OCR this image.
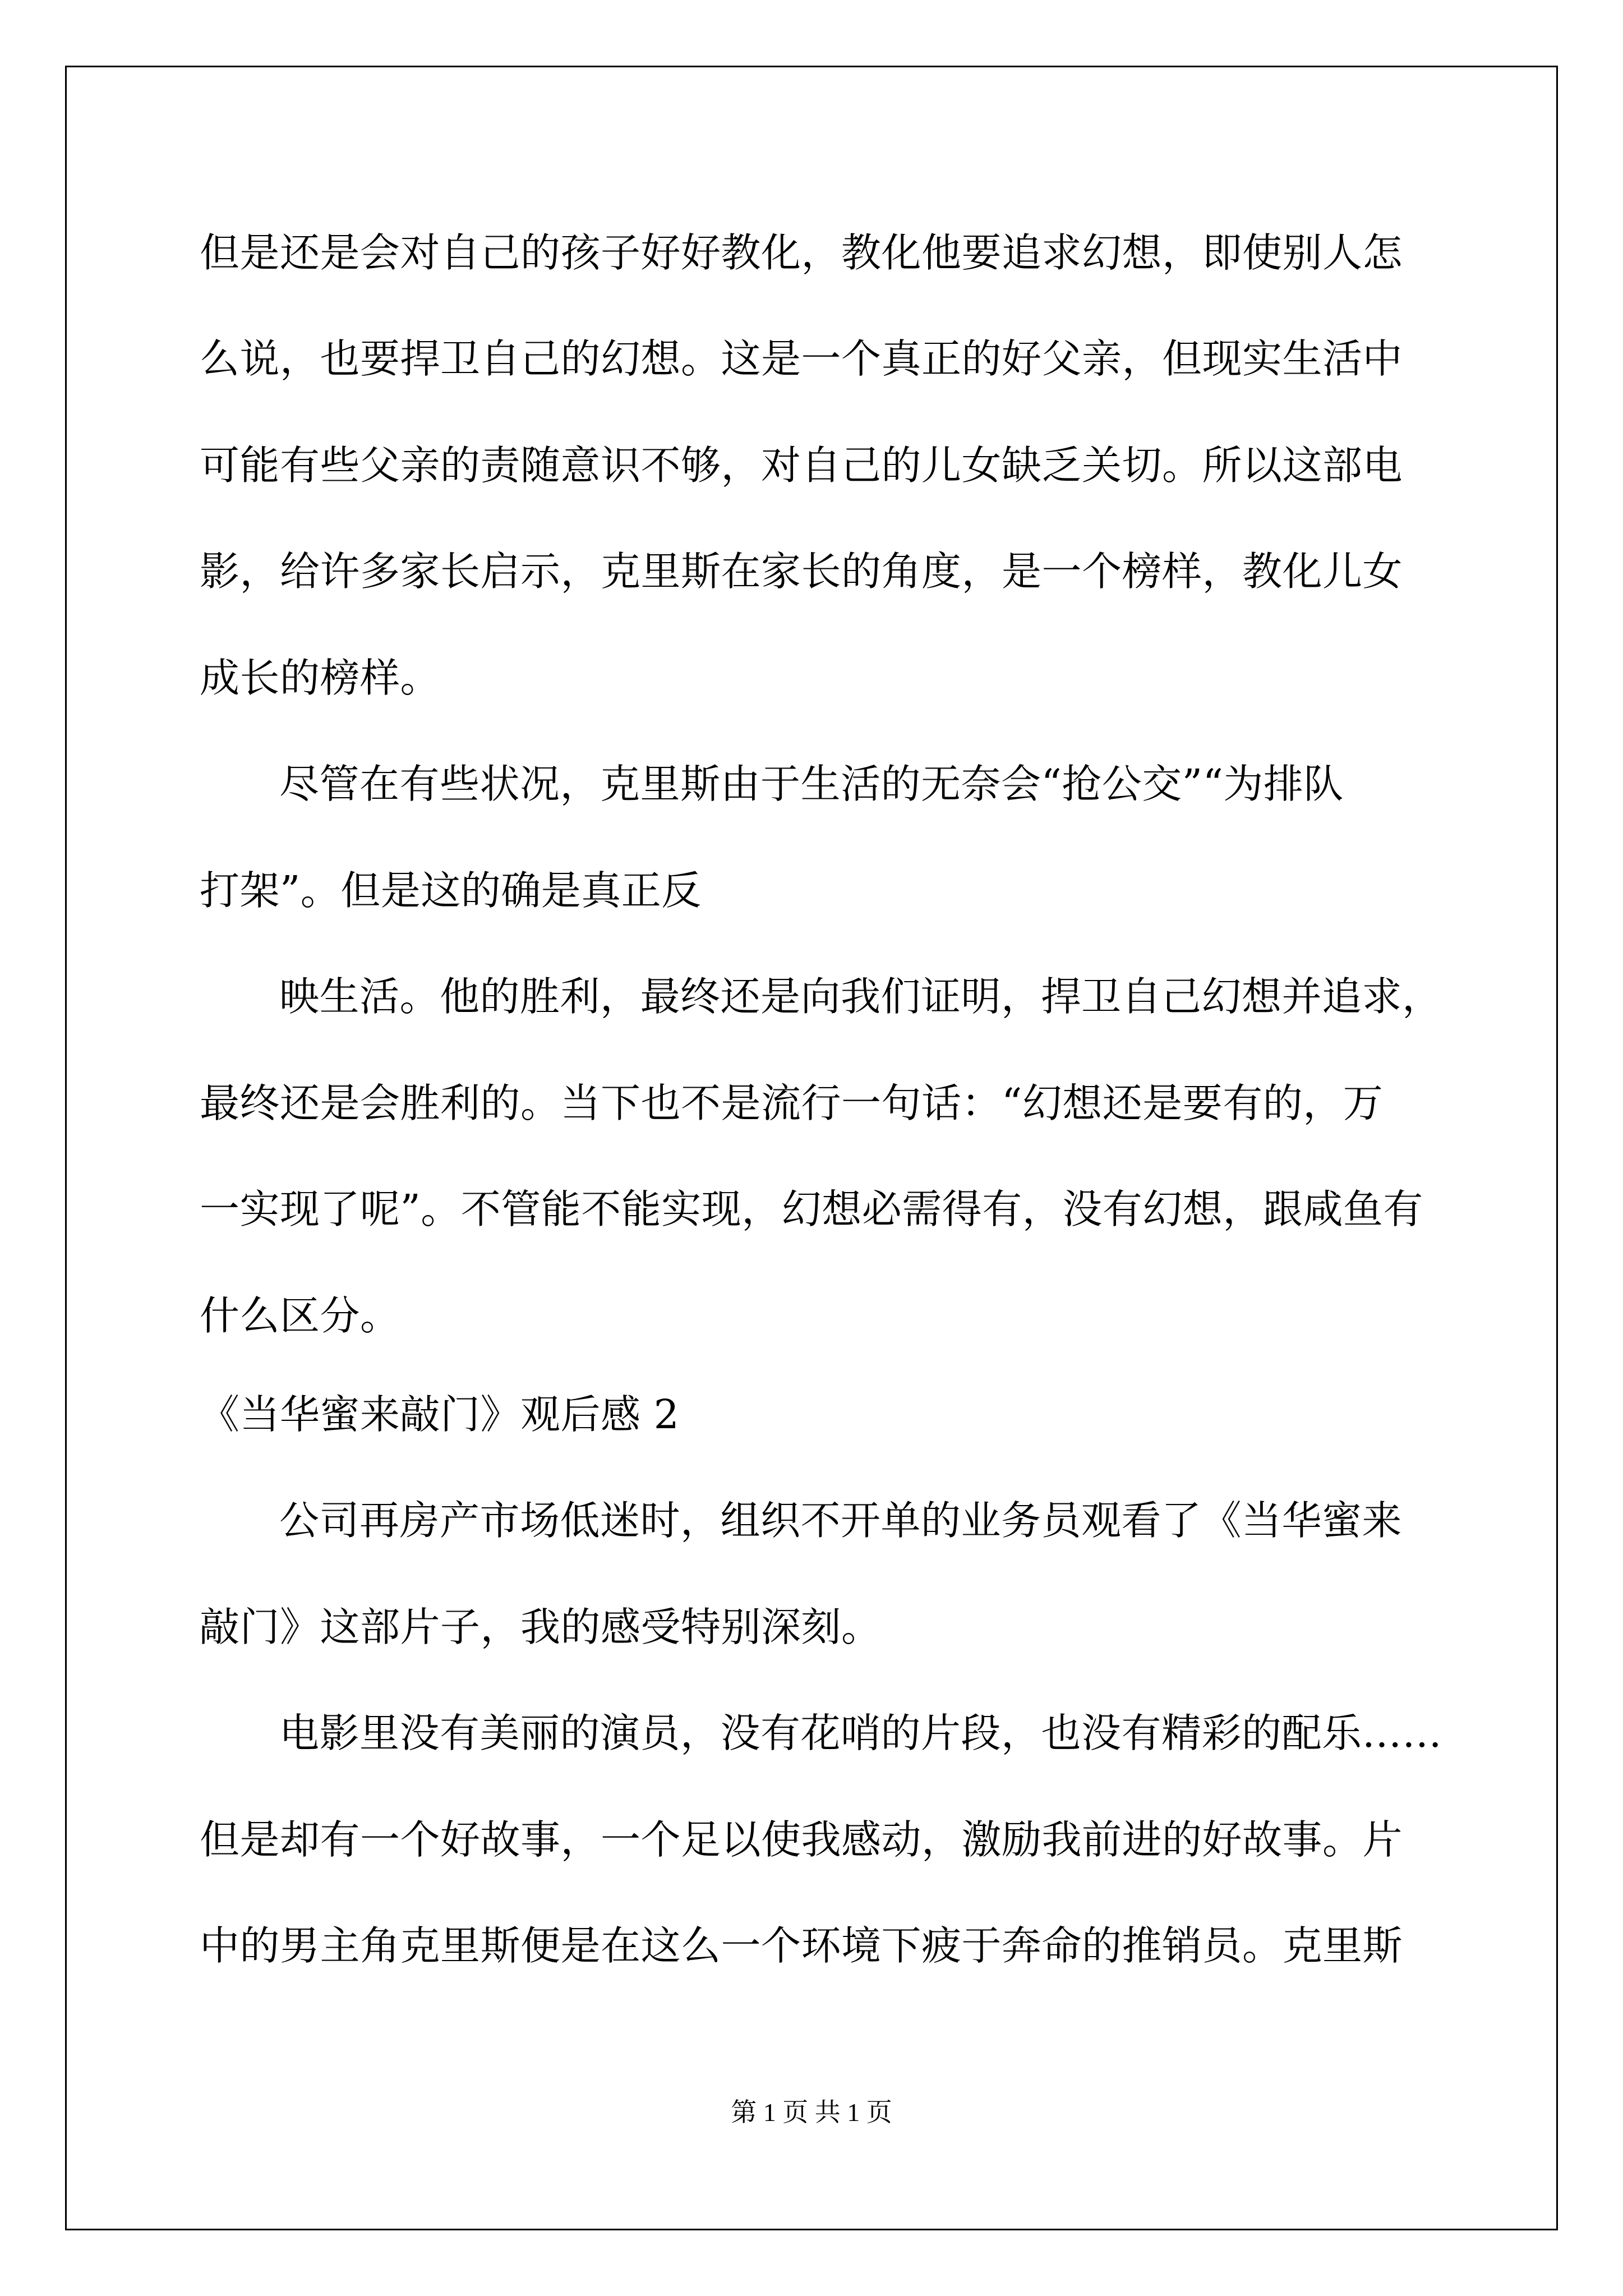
但是还是会对自己的孩子好好教化，教化他要追求幻想，即使别人怎
么说，也要捍卫自己的幻想。这是一个真正的好父亲，但现实生活中
可能有些父亲的责随意识不够，对自己的儿女缺乏关切。所以这部电
影，给许多家长启示，克里斯在家长的角度，是一个榜样，教化儿女
成长的榜样。
尽管在有些状况，克里斯由于生活的无奈会“抢公交”“为排队
打架”。但是这的确是真正反
映生活。他的胜利，最终还是向我们证明，捍卫自己幻想并追求，
最终还是会胜利的。当下也不是流行一句话：“幻想还是要有的，万
一实现了呢”。不管能不能实现，幻想必需得有，没有幻想，跟咸鱼有
什么区分。
《当华蜜来敲门》观后感 2
公司再房产市场低迷时，组织不开单的业务员观看了《当华蜜来
敲门》这部片子，我的感受特别深刻。
电影里没有美丽的演员，没有花哨的片段，也没有精彩的配乐……
但是却有一个好故事，一个足以使我感动，激励我前进的好故事。片
中的男主角克里斯便是在这么一个环境下疲于奔命的推销员。克里斯
第 1 页 共 1 页
